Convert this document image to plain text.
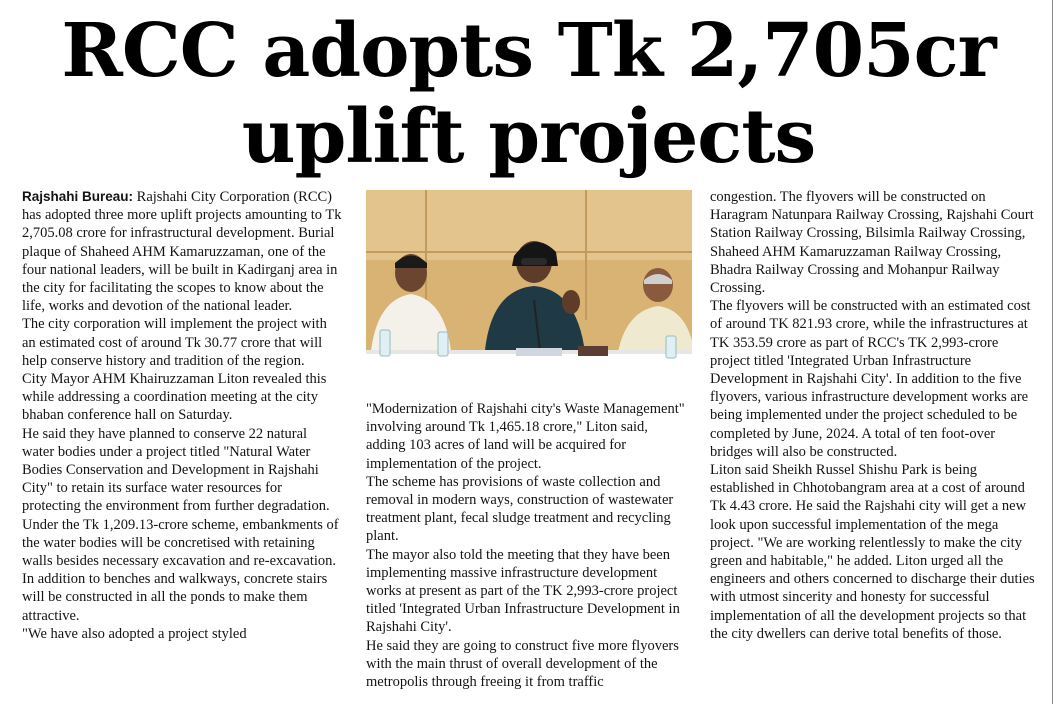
RCC adopts Tk 2,705cr
uplift projects

Rajshahi Bureau: Rajshahi City Corporation (RCC) has adopted three more uplift projects amounting to Tk 2,705.08 crore for infrastructural development. Burial plaque of Shaheed AHM Kamaruzzaman, one of the four national leaders, will be built in Kadirganj area in the city for facilitating the scopes to know about the life, works and devotion of the national leader.

The city corporation will implement the project with an estimated cost of around Tk 30.77 crore that will help conserve history and tradition of the region.

City Mayor AHM Khairuzzaman Liton revealed this while addressing a coordination meeting at the city bhaban conference hall on Saturday.

He said they have planned to conserve 22 natural water bodies under a project titled "Natural Water Bodies Conservation and Development in Rajshahi City" to retain its surface water resources for protecting the environment from further degradation.

Under the Tk 1,209.13-crore scheme, embankments of the water bodies will be concretised with retaining walls besides necessary excavation and re-excavation. In addition to benches and walkways, concrete stairs will be constructed in all the ponds to make them attractive.

"We have also adopted a project styled

"Modernization of Rajshahi city's Waste Management" involving around Tk 1,465.18 crore," Liton said, adding 103 acres of land will be acquired for implementation of the project.

The scheme has provisions of waste collection and removal in modern ways, construction of wastewater treatment plant, fecal sludge treatment and recycling plant.

The mayor also told the meeting that they have been implementing massive infrastructure development works at present as part of the TK 2,993-crore project titled 'Integrated Urban Infrastructure Development in Rajshahi City'.

He said they are going to construct five more flyovers with the main thrust of overall development of the metropolis through freeing it from traffic

congestion. The flyovers will be constructed on Haragram Natunpara Railway Crossing, Rajshahi Court Station Railway Crossing, Bilsimla Railway Crossing, Shaheed AHM Kamaruzzaman Railway Crossing, Bhadra Railway Crossing and Mohanpur Railway Crossing.

The flyovers will be constructed with an estimated cost of around TK 821.93 crore, while the infrastructures at TK 353.59 crore as part of RCC's TK 2,993-crore project titled 'Integrated Urban Infrastructure Development in Rajshahi City'. In addition to the five flyovers, various infrastructure development works are being implemented under the project scheduled to be completed by June, 2024. A total of ten foot-over bridges will also be constructed.

Liton said Sheikh Russel Shishu Park is being established in Chhotobangram area at a cost of around Tk 4.43 crore. He said the Rajshahi city will get a new look upon successful implementation of the mega project. "We are working relentlessly to make the city green and habitable," he added. Liton urged all the engineers and others concerned to discharge their duties with utmost sincerity and honesty for successful implementation of all the development projects so that the city dwellers can derive total benefits of those.
